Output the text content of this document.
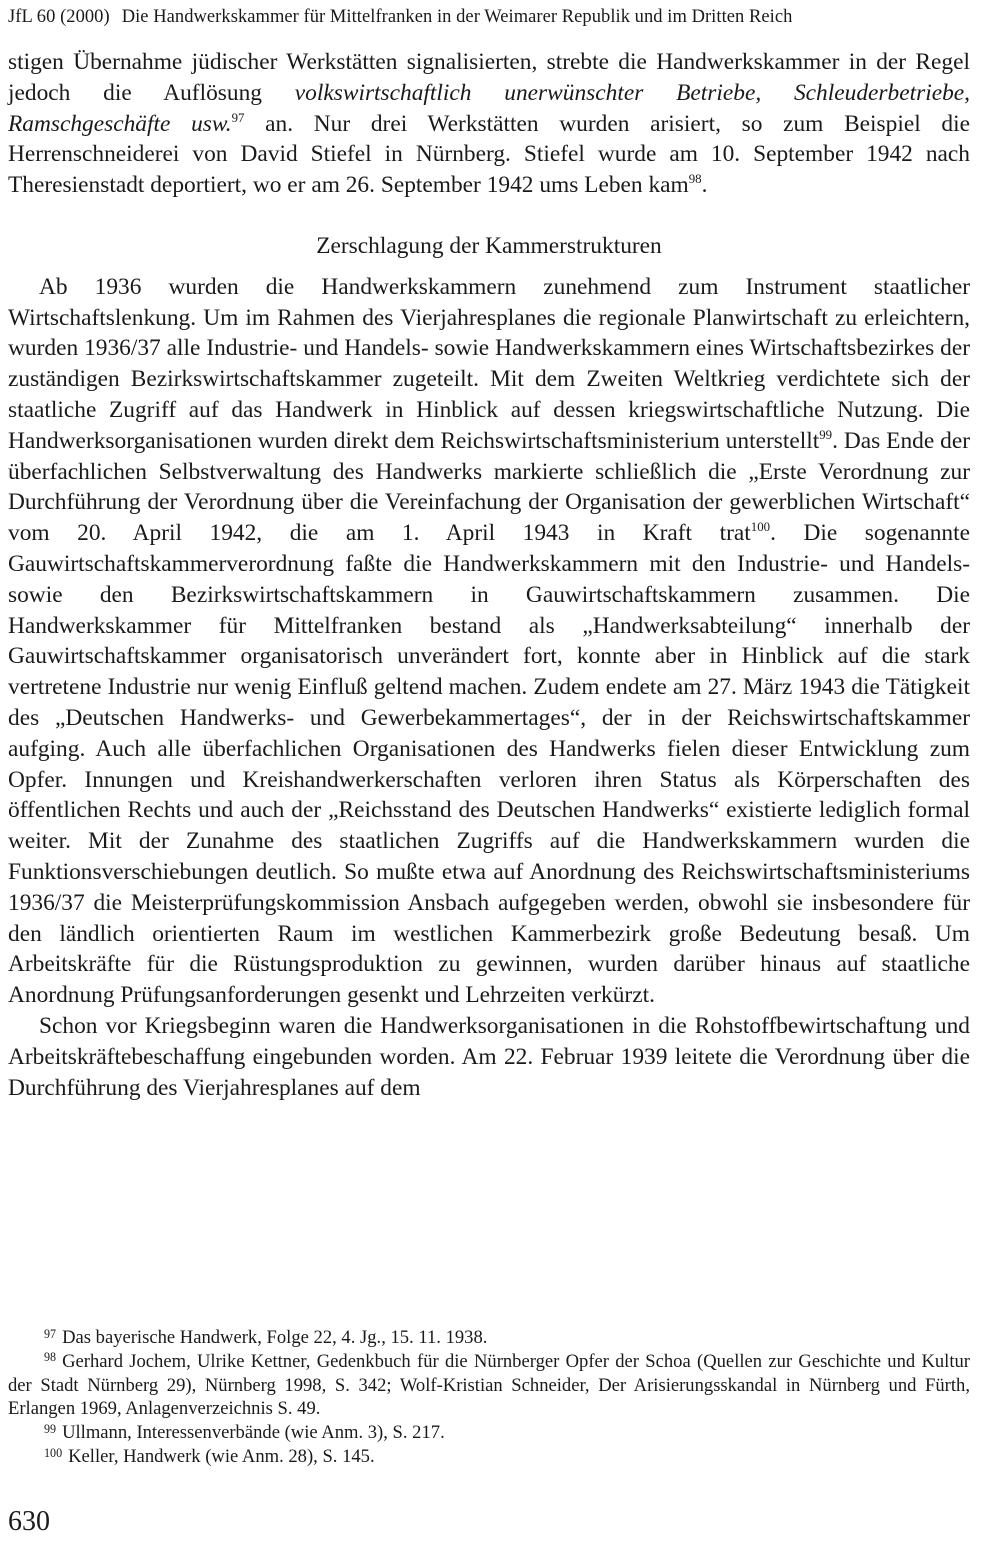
JfL 60 (2000) Die Handwerkskammer für Mittelfranken in der Weimarer Republik und im Dritten Reich

stigen Übernahme jüdischer Werkstätten signalisierten, strebte die Handwerkskammer in der Regel jedoch die Auflösung volkswirtschaftlich unerwünschter Betriebe, Schleuderbetriebe, Ramschgeschäfte usw.$^{97}$ an. Nur drei Werkstätten wurden arisiert, so zum Beispiel die Herrenschneiderei von David Stiefel in Nürnberg. Stiefel wurde am 10. September 1942 nach Theresienstadt deportiert, wo er am 26. September 1942 ums Leben kam$^{98}$.

Zerschlagung der Kammerstrukturen

Ab 1936 wurden die Handwerkskammern zunehmend zum Instrument staatlicher Wirtschaftslenkung. Um im Rahmen des Vierjahresplanes die regionale Planwirtschaft zu erleichtern, wurden 1936/37 alle Industrie- und Handels- sowie Handwerkskammern eines Wirtschaftsbezirkes der zuständigen Bezirkswirtschaftskammer zugeteilt. Mit dem Zweiten Weltkrieg verdichtete sich der staatliche Zugriff auf das Handwerk in Hinblick auf dessen kriegswirtschaftliche Nutzung. Die Handwerksorganisationen wurden direkt dem Reichswirtschaftsministerium unterstellt$^{99}$. Das Ende der überfachlichen Selbstverwaltung des Handwerks markierte schließlich die „Erste Verordnung zur Durchführung der Verordnung über die Vereinfachung der Organisation der gewerblichen Wirtschaft“ vom 20. April 1942, die am 1. April 1943 in Kraft trat$^{100}$. Die sogenannte Gauwirtschaftskammerverordnung faßte die Handwerkskammern mit den Industrie- und Handels- sowie den Bezirkswirtschaftskammern in Gauwirtschaftskammern zusammen. Die Handwerkskammer für Mittelfranken bestand als „Handwerksabteilung“ innerhalb der Gauwirtschaftskammer organisatorisch unverändert fort, konnte aber in Hinblick auf die stark vertretene Industrie nur wenig Einfluß geltend machen. Zudem endete am 27. März 1943 die Tätigkeit des „Deutschen Handwerks- und Gewerbekammertages“, der in der Reichswirtschaftskammer aufging. Auch alle überfachlichen Organisationen des Handwerks fielen dieser Entwicklung zum Opfer. Innungen und Kreishandwerkerschaften verloren ihren Status als Körperschaften des öffentlichen Rechts und auch der „Reichsstand des Deutschen Handwerks“ existierte lediglich formal weiter. Mit der Zunahme des staatlichen Zugriffs auf die Handwerkskammern wurden die Funktionsverschiebungen deutlich. So mußte etwa auf Anordnung des Reichswirtschaftsministeriums 1936/37 die Meisterprüfungskommission Ansbach aufgegeben werden, obwohl sie insbesondere für den ländlich orientierten Raum im westlichen Kammerbezirk große Bedeutung besaß. Um Arbeitskräfte für die Rüstungsproduktion zu gewinnen, wurden darüber hinaus auf staatliche Anordnung Prüfungsanforderungen gesenkt und Lehrzeiten verkürzt.

Schon vor Kriegsbeginn waren die Handwerksorganisationen in die Rohstoffbewirtschaftung und Arbeitskräftebeschaffung eingebunden worden. Am 22. Februar 1939 leitete die Verordnung über die Durchführung des Vierjahresplanes auf dem

$^{97}$ Das bayerische Handwerk, Folge 22, 4. Jg., 15. 11. 1938.
$^{98}$ Gerhard Jochem, Ulrike Kettner, Gedenkbuch für die Nürnberger Opfer der Schoa (Quellen zur Geschichte und Kultur der Stadt Nürnberg 29), Nürnberg 1998, S. 342; Wolf-Kristian Schneider, Der Arisierungsskandal in Nürnberg und Fürth, Erlangen 1969, Anlagenverzeichnis S. 49.
$^{99}$ Ullmann, Interessenverbände (wie Anm. 3), S. 217.
$^{100}$ Keller, Handwerk (wie Anm. 28), S. 145.
630
